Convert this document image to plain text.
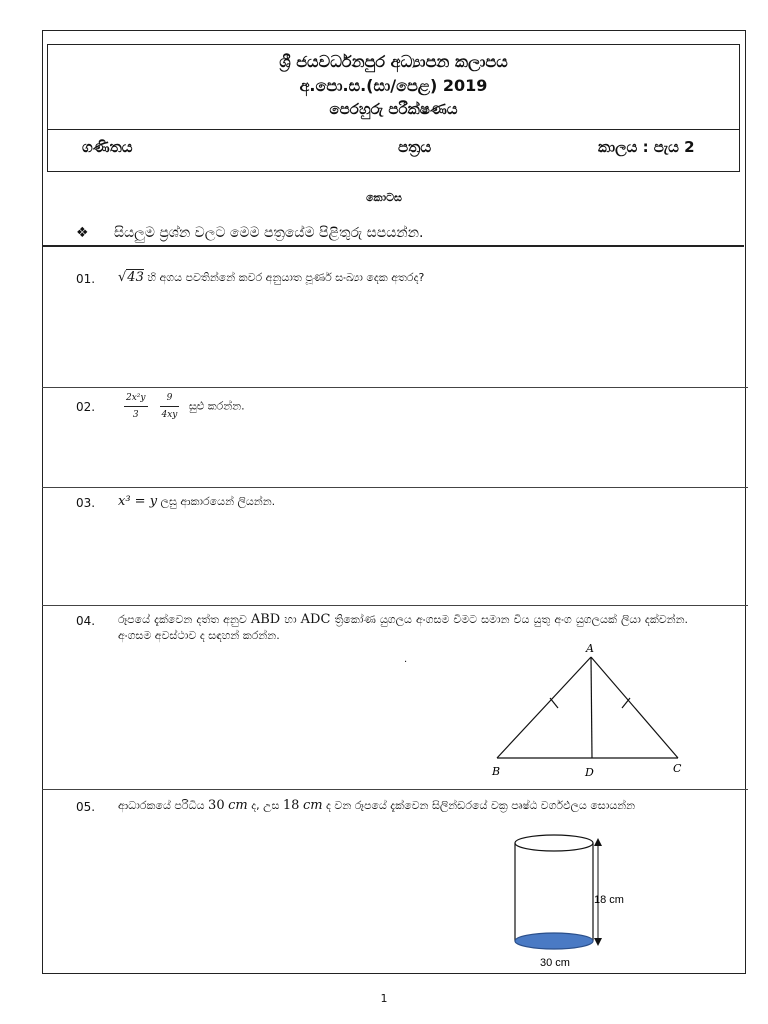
ශ්‍රී ජයවර්ධනපුර අධ්‍යාපන කලාපය
අ.පො.ස.(සා/පෙළ) 2019
පෙරහුරු පරීක්ෂණය
ගණිතය	පත්‍රය	කාලය : පැය 2
කොටස
❖ සියලුම ප්‍රශ්න වලට මෙම පත්‍රයේම පිළිතුරු සපයන්න.
01. √43 හි අගය පවතින්නේ කවර අනුයාත පූර්ණ සංඛ්‍යා දෙක අතරද?
02.	$\frac{\text{2x²y}}{3} \frac{9}{4xy}$ සුළු කරන්න.
03. x³ = y ලඝු ආකාරයෙන් ලියන්න.
04. රූපයේ දැක්වෙන දත්ත අනුව ABD හා ADC ත්‍රිකෝණ යුගලය අංගසම වීමට සමාන විය යුතු අංග යුගලයක් ලියා දක්වන්න. අංගසම අවස්ථාව ද සඳහන් කරන්න.
.
A
B	C
D
05. ආධාරකයේ පරිධිය 30 cm ද, උස 18 cm ද වන රූපයේ දැක්වෙන සිලින්ඩරයේ වක්‍ර පෘෂ්ඨ වර්ගඵලය සොයන්න
18 cm
30 cm
1
